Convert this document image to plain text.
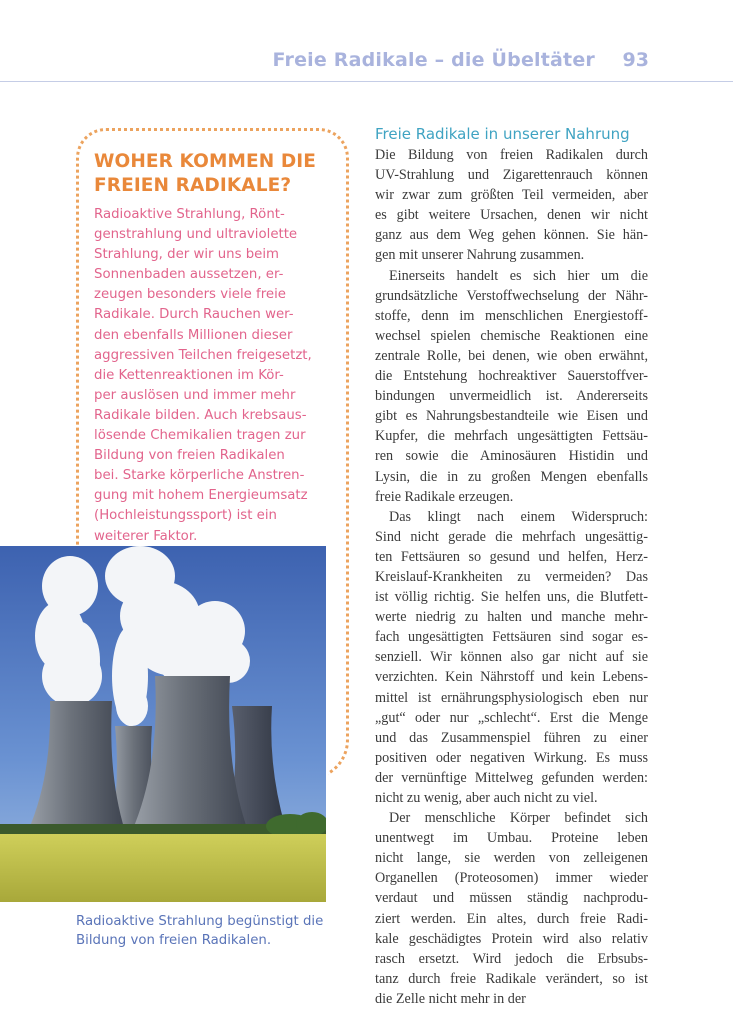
Freie Radikale – die Übeltäter 93
WOHER KOMMEN DIE
FREIEN RADIKALE?
Radioaktive Strahlung, Rönt-
genstrahlung und ultraviolette
Strahlung, der wir uns beim
Sonnenbaden aussetzen, er-
zeugen besonders viele freie
Radikale. Durch Rauchen wer-
den ebenfalls Millionen dieser
aggressiven Teilchen freigesetzt,
die Kettenreaktionen im Kör-
per auslösen und immer mehr
Radikale bilden. Auch krebsaus-
lösende Chemikalien tragen zur
Bildung von freien Radikalen
bei. Starke körperliche Anstren-
gung mit hohem Energieumsatz
(Hochleistungssport) ist ein
weiterer Faktor.
Radioaktive Strahlung begünstigt die
Bildung von freien Radikalen.
Freie Radikale in unserer Nahrung
Die Bildung von freien Radikalen durch
UV-Strahlung und Zigarettenrauch können
wir zwar zum größten Teil vermeiden, aber
es gibt weitere Ursachen, denen wir nicht
ganz aus dem Weg gehen können. Sie hän-
gen mit unserer Nahrung zusammen.
Einerseits handelt es sich hier um die
grundsätzliche Verstoffwechselung der Nähr-
stoffe, denn im menschlichen Energiestoff-
wechsel spielen chemische Reaktionen eine
zentrale Rolle, bei denen, wie oben erwähnt,
die Entstehung hochreaktiver Sauerstoffver-
bindungen unvermeidlich ist. Andererseits
gibt es Nahrungsbestandteile wie Eisen und
Kupfer, die mehrfach ungesättigten Fettsäu-
ren sowie die Aminosäuren Histidin und
Lysin, die in zu großen Mengen ebenfalls
freie Radikale erzeugen.
Das klingt nach einem Widerspruch:
Sind nicht gerade die mehrfach ungesättig-
ten Fettsäuren so gesund und helfen, Herz-
Kreislauf-Krankheiten zu vermeiden? Das
ist völlig richtig. Sie helfen uns, die Blutfett-
werte niedrig zu halten und manche mehr-
fach ungesättigten Fettsäuren sind sogar es-
senziell. Wir können also gar nicht auf sie
verzichten. Kein Nährstoff und kein Lebens-
mittel ist ernährungsphysiologisch eben nur
„gut“ oder nur „schlecht“. Erst die Menge
und das Zusammenspiel führen zu einer
positiven oder negativen Wirkung. Es muss
der vernünftige Mittelweg gefunden werden:
nicht zu wenig, aber auch nicht zu viel.
Der menschliche Körper befindet sich
unentwegt im Umbau. Proteine leben
nicht lange, sie werden von zelleigenen
Organellen (Proteosomen) immer wieder
verdaut und müssen ständig nachprodu-
ziert werden. Ein altes, durch freie Radi-
kale geschädigtes Protein wird also relativ
rasch ersetzt. Wird jedoch die Erbsubs-
tanz durch freie Radikale verändert, so ist
die Zelle nicht mehr in der
